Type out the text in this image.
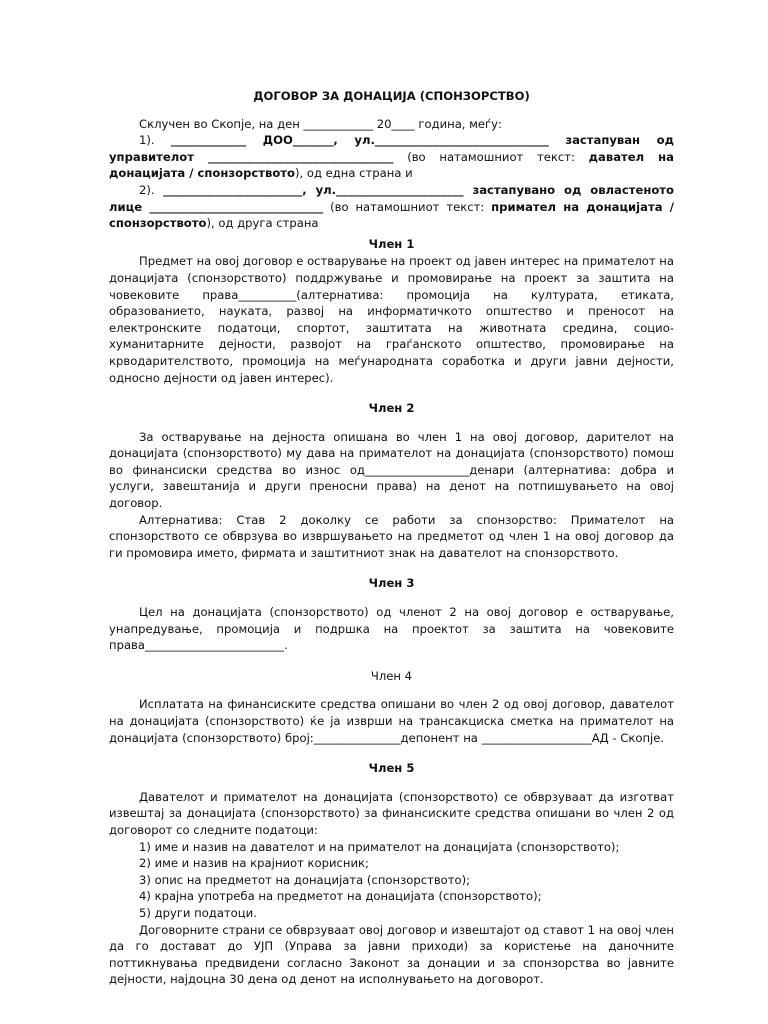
ДОГОВОР ЗА ДОНАЦИЈА (СПОНЗОРСТВО)

Склучен во Скопје, на ден ____________ 20____ година, меѓу:

1). _____________ ДОО_______, ул.______________________________ застапуван од управителот ________________________________ (во натамошниот текст: давател на донацијата / спонзорството), од една страна и

2). ________________________, ул.______________________ застапувано од овластеното лице ______________________________ (во натамошниот текст: примател на донацијата / спонзорството), од друга страна

Член 1

Предмет на овој договор е остварување на проект од јавен интерес на примателот на донацијата (спонзорството) поддржување и промовирање на проект за заштита на човековите права__________(алтернатива: промоција на културата, етиката, образованието, науката, развој на информатичкото општество и преносот на електронските податоци, спортот, заштитата на животната средина, социо-хуманитарните дејности, развојот на граѓанското општество, промовирање на крводарителството, промоција на меѓународната соработка и други јавни дејности, односно дејности од јавен интерес).

Член 2

За остварување на дејноста опишана во член 1 на овој договор, дарителот на донацијата (спонзорството) му дава на примателот на донацијата (спонзорството) помош во финансиски средства во износ од__________________денари (алтернатива: добра и услуги, завештанија и други преносни права) на денот на потпишувањето на овој договор.

Алтернатива: Став 2 доколку се работи за спонзорство: Примателот на спонзорството се обврзува во извршувањето на предметот од член 1 на овој договор да ги промовира името, фирмата и заштитниот знак на давателот на спонзорството.

Член 3

Цел на донацијата (спонзорството) од членот 2 на овој договор е остварување, унапредување, промоција и подршка на проектот за заштита на човековите права________________________.

Член 4

Исплатата на финансиските средства опишани во член 2 од овој договор, давателот на донацијата (спонзорството) ќе ја изврши на трансакциска сметка на примателот на донацијата (спонзорството) број:_______________депонент на ___________________АД - Скопје.

Член 5

Давателот и примателот на донацијата (спонзорството) се обврзуваат да изготват извештај за донацијата (спонзорството) за финансиските средства опишани во член 2 од договорот со следните податоци:

1) име и назив на давателот и на примателот на донацијата (спонзорството);

2) име и назив на крајниот корисник;

3) опис на предметот на донацијата (спонзорството);

4) крајна употреба на предметот на донацијата (спонзорството);

5) други податоци.

Договорните страни се обврзуваат овој договор и извештајот од ставот 1 на овој член да го достават до УЈП (Управа за јавни приходи) за користење на даночните поттикнувања предвидени согласно Законот за донации и за спонзорства во јавните дејности, најдоцна 30 дена од денот на исполнувањето на договорот.
